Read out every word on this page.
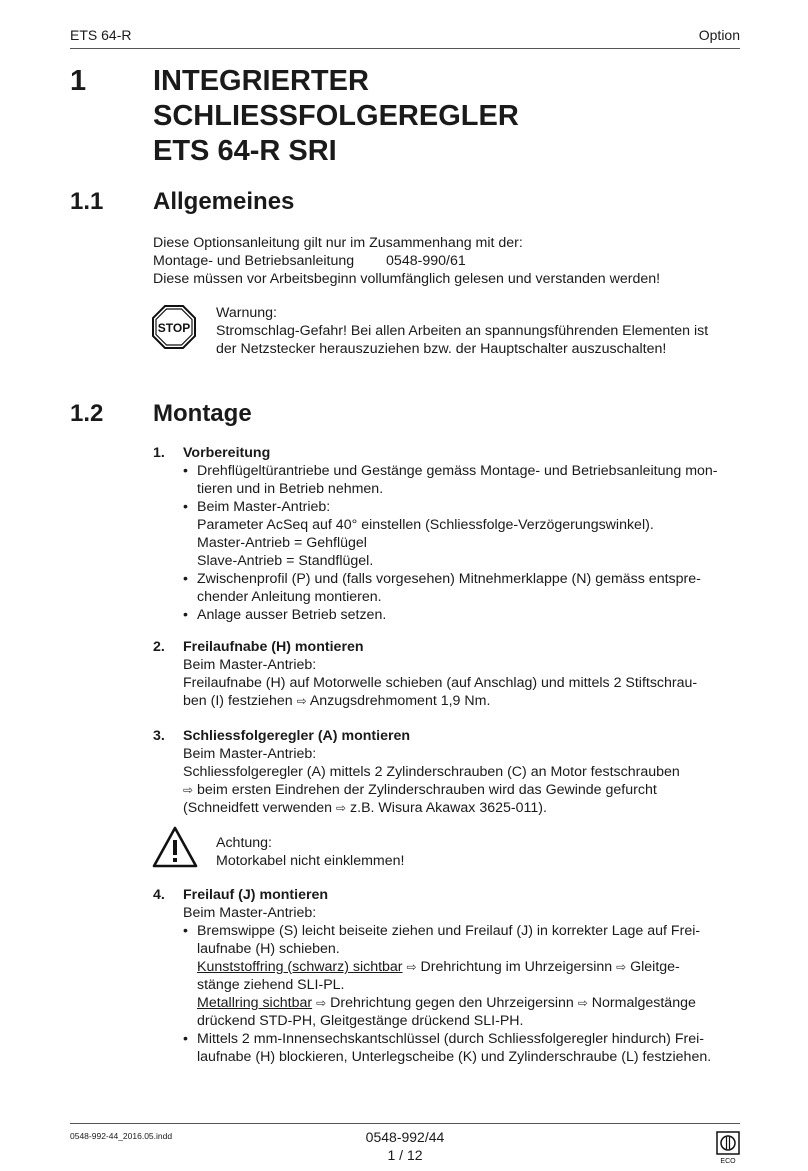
ETS 64-R	Option
1 INTEGRIERTER
SCHLIESSFOLGEREGLER
ETS 64-R SRI
1.1 Allgemeines
Diese Optionsanleitung gilt nur im Zusammenhang mit der:
Montage- und Betriebsanleitung 0548-990/61
Diese müssen vor Arbeitsbeginn vollumfänglich gelesen und verstanden werden!
STOP
Warnung:
Stromschlag-Gefahr! Bei allen Arbeiten an spannungsführenden Elementen ist
der Netzstecker herauszuziehen bzw. der Hauptschalter auszuschalten!
1.2 Montage
1. Vorbereitung
• Drehflügeltürantriebe und Gestänge gemäss Montage- und Betriebsanleitung mon-
tieren und in Betrieb nehmen.
• Beim Master-Antrieb:
Parameter AcSeq auf 40° einstellen (Schliessfolge-Verzögerungswinkel).
Master-Antrieb = Gehflügel
Slave-Antrieb = Standflügel.
• Zwischenprofil (P) und (falls vorgesehen) Mitnehmerklappe (N) gemäss entspre-
chender Anleitung montieren.
• Anlage ausser Betrieb setzen.
2. Freilaufnabe (H) montieren
Beim Master-Antrieb:
Freilaufnabe (H) auf Motorwelle schieben (auf Anschlag) und mittels 2 Stiftschrau-
ben (I) festziehen ⇨ Anzugsdrehmoment 1,9 Nm.
3. Schliessfolgeregler (A) montieren
Beim Master-Antrieb:
Schliessfolgeregler (A) mittels 2 Zylinderschrauben (C) an Motor festschrauben
⇨ beim ersten Eindrehen der Zylinderschrauben wird das Gewinde gefurcht
(Schneidfett verwenden ⇨ z.B. Wisura Akawax 3625-011).
Achtung:
Motorkabel nicht einklemmen!
4. Freilauf (J) montieren
Beim Master-Antrieb:
• Bremswippe (S) leicht beiseite ziehen und Freilauf (J) in korrekter Lage auf Frei-
laufnabe (H) schieben.
Kunststoffring (schwarz) sichtbar ⇨ Drehrichtung im Uhrzeigersinn ⇨ Gleitge-
stänge ziehend SLI-PL.
Metallring sichtbar ⇨ Drehrichtung gegen den Uhrzeigersinn ⇨ Normalgestänge
drückend STD-PH, Gleitgestänge drückend SLI-PH.
• Mittels 2 mm-Innensechskantschlüssel (durch Schliessfolgeregler hindurch) Frei-
laufnabe (H) blockieren, Unterlegscheibe (K) und Zylinderschraube (L) festziehen.
0548-992-44_2016.05.indd	0548-992/44
1 / 12	ECO
